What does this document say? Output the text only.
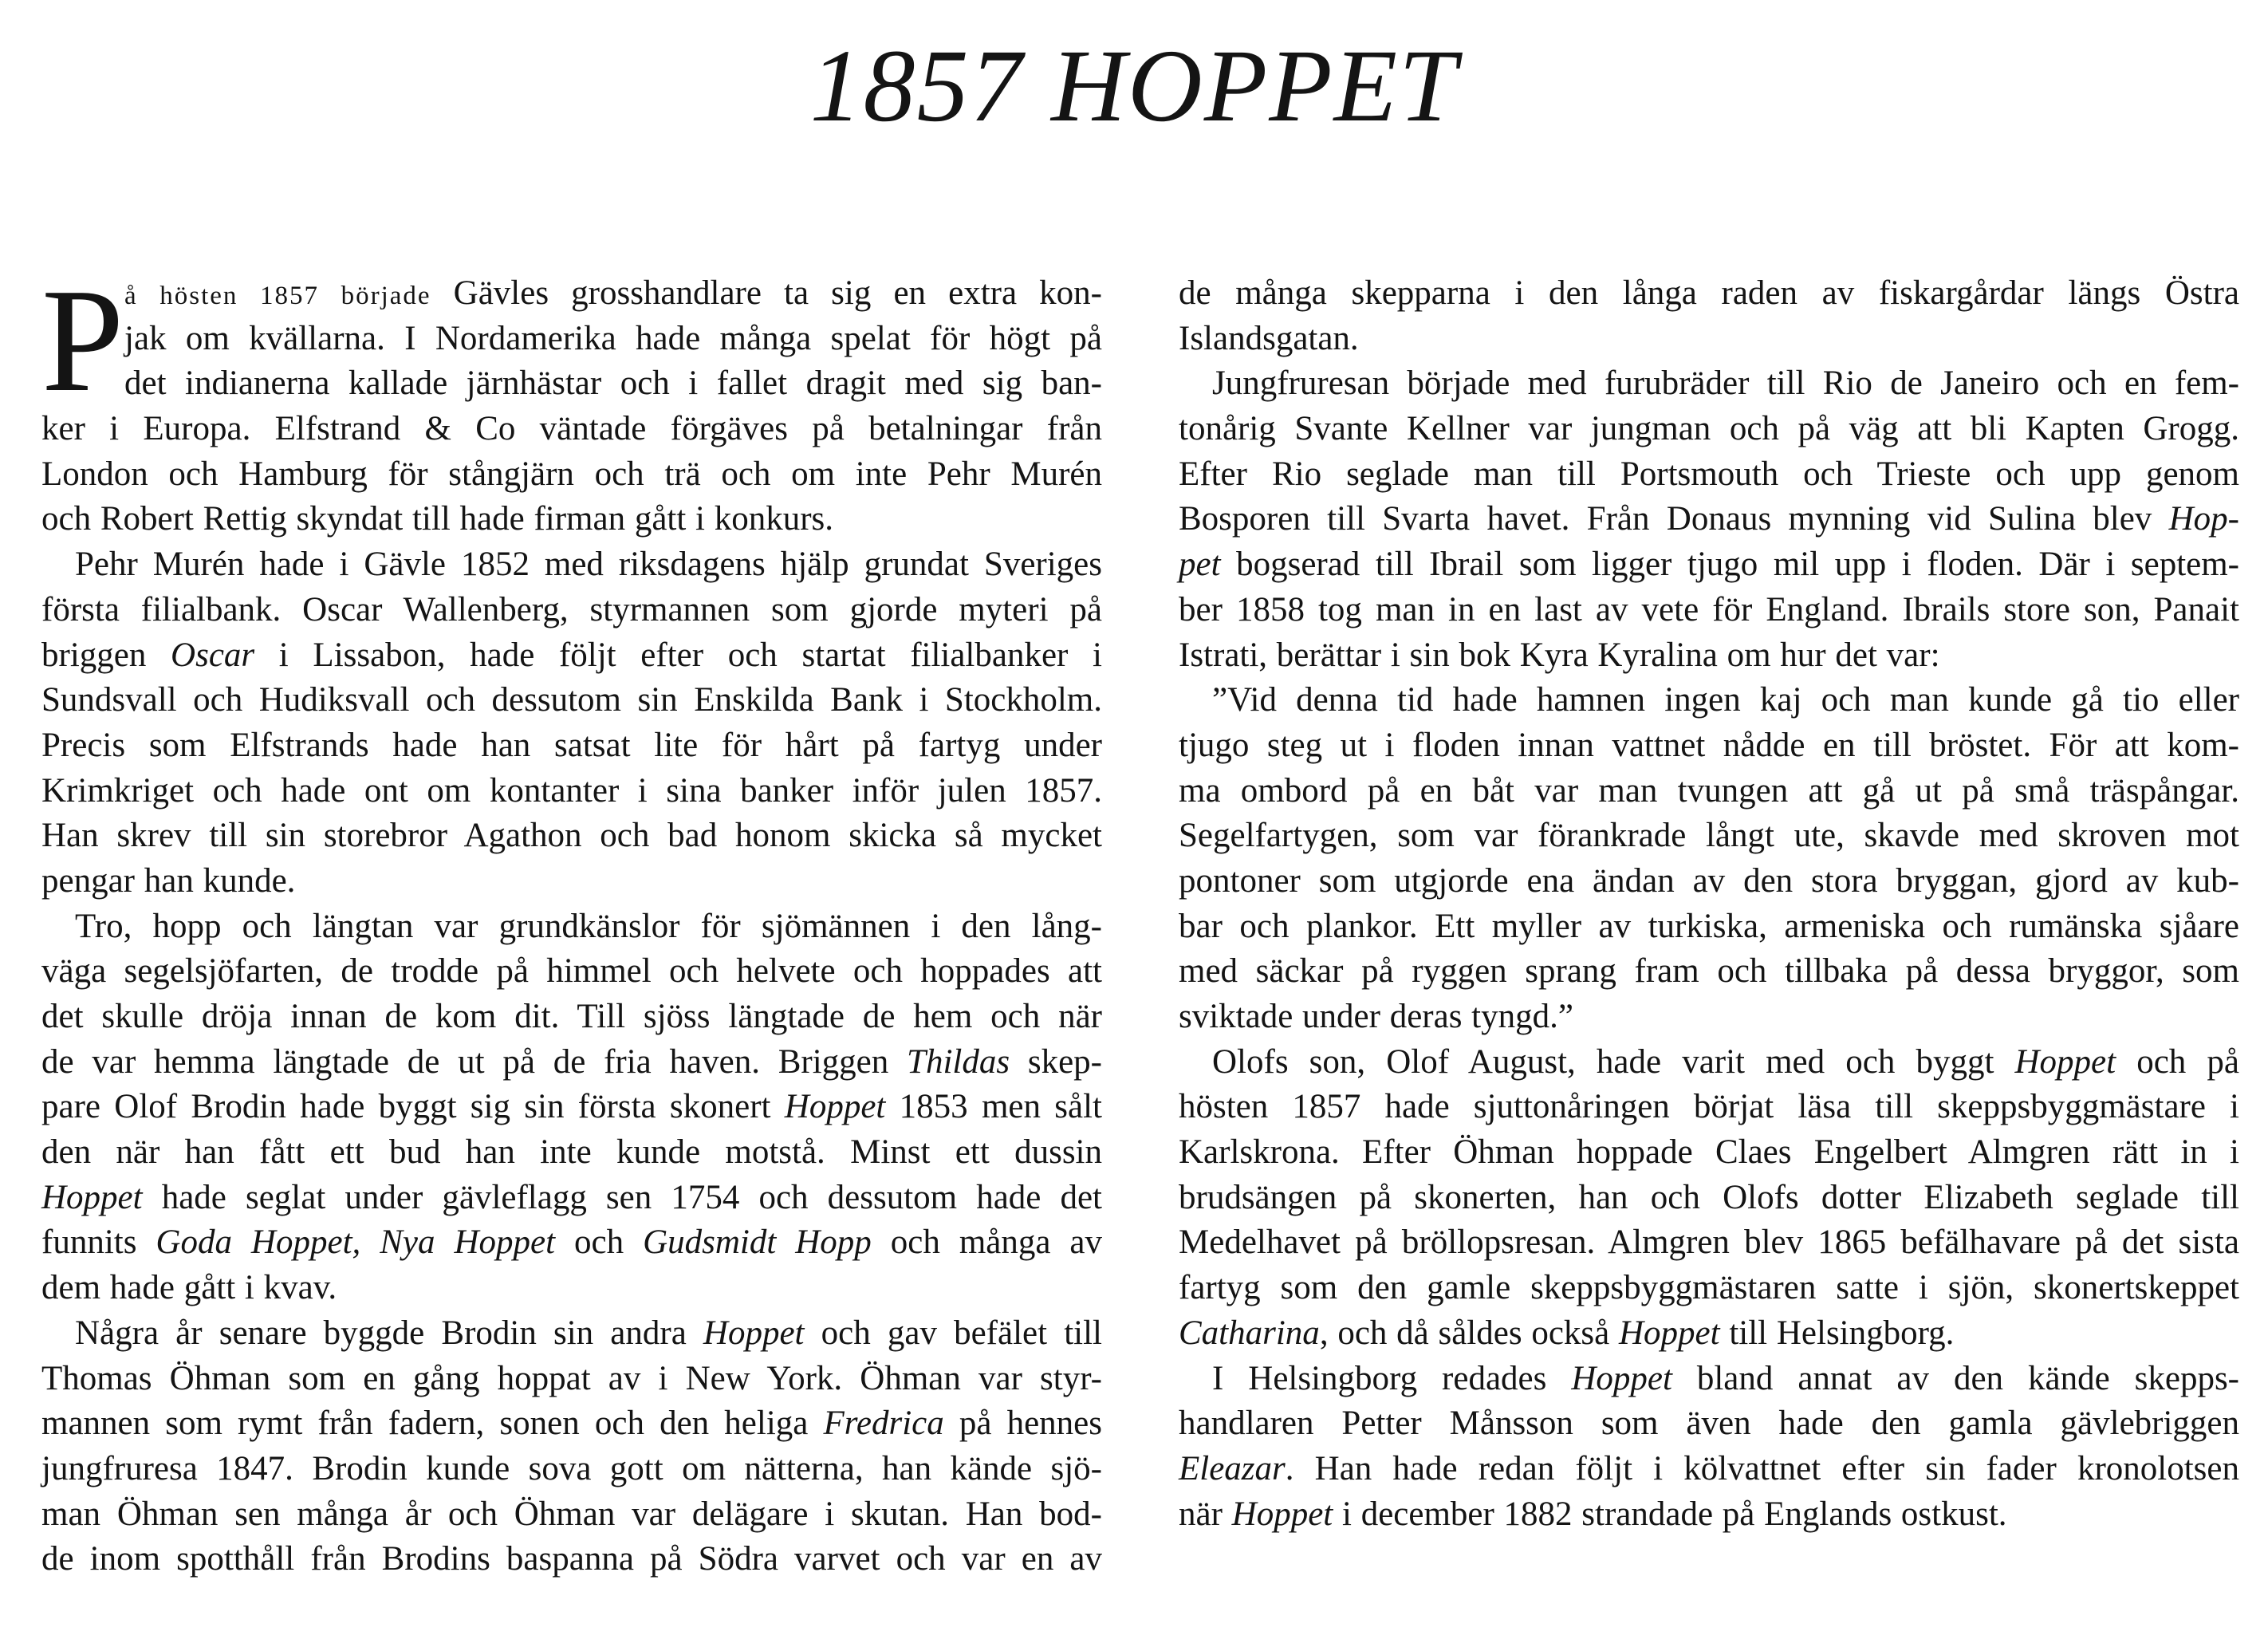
1857 HOPPET
P å hösten 1857 började Gävles grosshandlare ta sig en extra kon-
jak om kvällarna. I Nordamerika hade många spelat för högt på
det indianerna kallade järnhästar och i fallet dragit med sig ban-
ker i Europa. Elfstrand & Co väntade förgäves på betalningar från
London och Hamburg för stångjärn och trä och om inte Pehr Murén
och Robert Rettig skyndat till hade firman gått i konkurs.
Pehr Murén hade i Gävle 1852 med riksdagens hjälp grundat Sveriges
första filialbank. Oscar Wallenberg, styrmannen som gjorde myteri på
briggen Oscar i Lissabon, hade följt efter och startat filialbanker i
Sundsvall och Hudiksvall och dessutom sin Enskilda Bank i Stockholm.
Precis som Elfstrands hade han satsat lite för hårt på fartyg under
Krimkriget och hade ont om kontanter i sina banker inför julen 1857.
Han skrev till sin storebror Agathon och bad honom skicka så mycket
pengar han kunde.
Tro, hopp och längtan var grundkänslor för sjömännen i den lång-
väga segelsjöfarten, de trodde på himmel och helvete och hoppades att
det skulle dröja innan de kom dit. Till sjöss längtade de hem och när
de var hemma längtade de ut på de fria haven. Briggen Thildas skep-
pare Olof Brodin hade byggt sig sin första skonert Hoppet 1853 men sålt
den när han fått ett bud han inte kunde motstå. Minst ett dussin
Hoppet hade seglat under gävleflagg sen 1754 och dessutom hade det
funnits Goda Hoppet, Nya Hoppet och Gudsmidt Hopp och många av
dem hade gått i kvav.
Några år senare byggde Brodin sin andra Hoppet och gav befälet till
Thomas Öhman som en gång hoppat av i New York. Öhman var styr-
mannen som rymt från fadern, sonen och den heliga Fredrica på hennes
jungfruresa 1847. Brodin kunde sova gott om nätterna, han kände sjö-
man Öhman sen många år och Öhman var delägare i skutan. Han bod-
de inom spotthåll från Brodins baspanna på Södra varvet och var en av
de många skepparna i den långa raden av fiskargårdar längs Östra
Islandsgatan.
Jungfruresan började med furubräder till Rio de Janeiro och en fem-
tonårig Svante Kellner var jungman och på väg att bli Kapten Grogg.
Efter Rio seglade man till Portsmouth och Trieste och upp genom
Bosporen till Svarta havet. Från Donaus mynning vid Sulina blev Hop-
pet bogserad till Ibrail som ligger tjugo mil upp i floden. Där i septem-
ber 1858 tog man in en last av vete för England. Ibrails store son, Panait
Istrati, berättar i sin bok Kyra Kyralina om hur det var:
”Vid denna tid hade hamnen ingen kaj och man kunde gå tio eller
tjugo steg ut i floden innan vattnet nådde en till bröstet. För att kom-
ma ombord på en båt var man tvungen att gå ut på små träspångar.
Segelfartygen, som var förankrade långt ute, skavde med skroven mot
pontoner som utgjorde ena ändan av den stora bryggan, gjord av kub-
bar och plankor. Ett myller av turkiska, armeniska och rumänska sjåare
med säckar på ryggen sprang fram och tillbaka på dessa bryggor, som
sviktade under deras tyngd.”
Olofs son, Olof August, hade varit med och byggt Hoppet och på
hösten 1857 hade sjuttonåringen börjat läsa till skeppsbyggmästare i
Karlskrona. Efter Öhman hoppade Claes Engelbert Almgren rätt in i
brudsängen på skonerten, han och Olofs dotter Elizabeth seglade till
Medelhavet på bröllopsresan. Almgren blev 1865 befälhavare på det sista
fartyg som den gamle skeppsbyggmästaren satte i sjön, skonertskeppet
Catharina, och då såldes också Hoppet till Helsingborg.
I Helsingborg redades Hoppet bland annat av den kände skepps-
handlaren Petter Månsson som även hade den gamla gävlebriggen
Eleazar. Han hade redan följt i kölvattnet efter sin fader kronolotsen
när Hoppet i december 1882 strandade på Englands ostkust.
